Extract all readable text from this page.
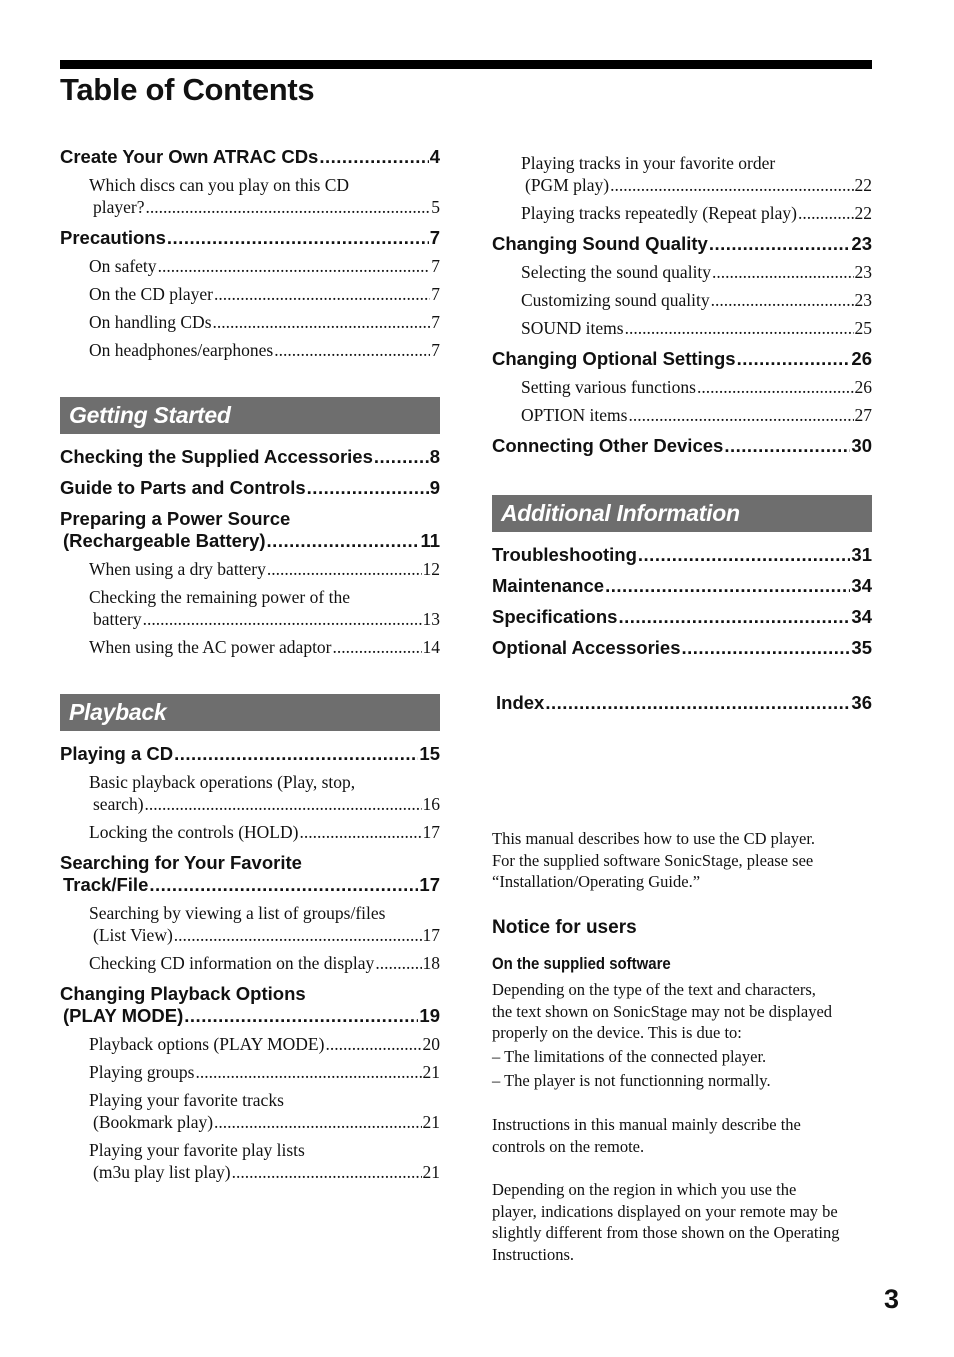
Table of Contents
Create Your Own ATRAC CDs .....	4
Which discs can you play on this CD
player? .....	5
Precautions .....	7
On safety .....	7
On the CD player .....	7
On handling CDs .....	7
On headphones/earphones .....	7
Getting Started
Checking the Supplied Accessories .....	8
Guide to Parts and Controls .....	9
Preparing a Power Source
(Rechargeable Battery) .....	11
When using a dry battery .....	12
Checking the remaining power of the
battery .....	13
When using the AC power adaptor .....	14
Playback
Playing a CD .....	15
Basic playback operations (Play, stop,
search) .....	16
Locking the controls (HOLD) .....	17
Searching for Your Favorite
Track/File .....	17
Searching by viewing a list of groups/files
(List View) .....	17
Checking CD information on the display .....	18
Changing Playback Options
(PLAY MODE) .....	19
Playback options (PLAY MODE) .....	20
Playing groups .....	21
Playing your favorite tracks
(Bookmark play) .....	21
Playing your favorite play lists
(m3u play list play) .....	21
Playing tracks in your favorite order
(PGM play) .....	22
Playing tracks repeatedly (Repeat play) .....	22
Changing Sound Quality .....	23
Selecting the sound quality .....	23
Customizing sound quality .....	23
SOUND items .....	25
Changing Optional Settings .....	26
Setting various functions .....	26
OPTION items .....	27
Connecting Other Devices .....	30
Additional Information
Troubleshooting .....	31
Maintenance .....	34
Specifications .....	34
Optional Accessories .....	35
Index .....	36
This manual describes how to use the CD player.
For the supplied software SonicStage, please see
“Installation/Operating Guide.”
Notice for users
On the supplied software
Depending on the type of the text and characters,
the text shown on SonicStage may not be displayed
properly on the device. This is due to:
– The limitations of the connected player.
– The player is not functionning normally.
Instructions in this manual mainly describe the
controls on the remote.
Depending on the region in which you use the
player, indications displayed on your remote may be
slightly different from those shown on the Operating
Instructions.
3
